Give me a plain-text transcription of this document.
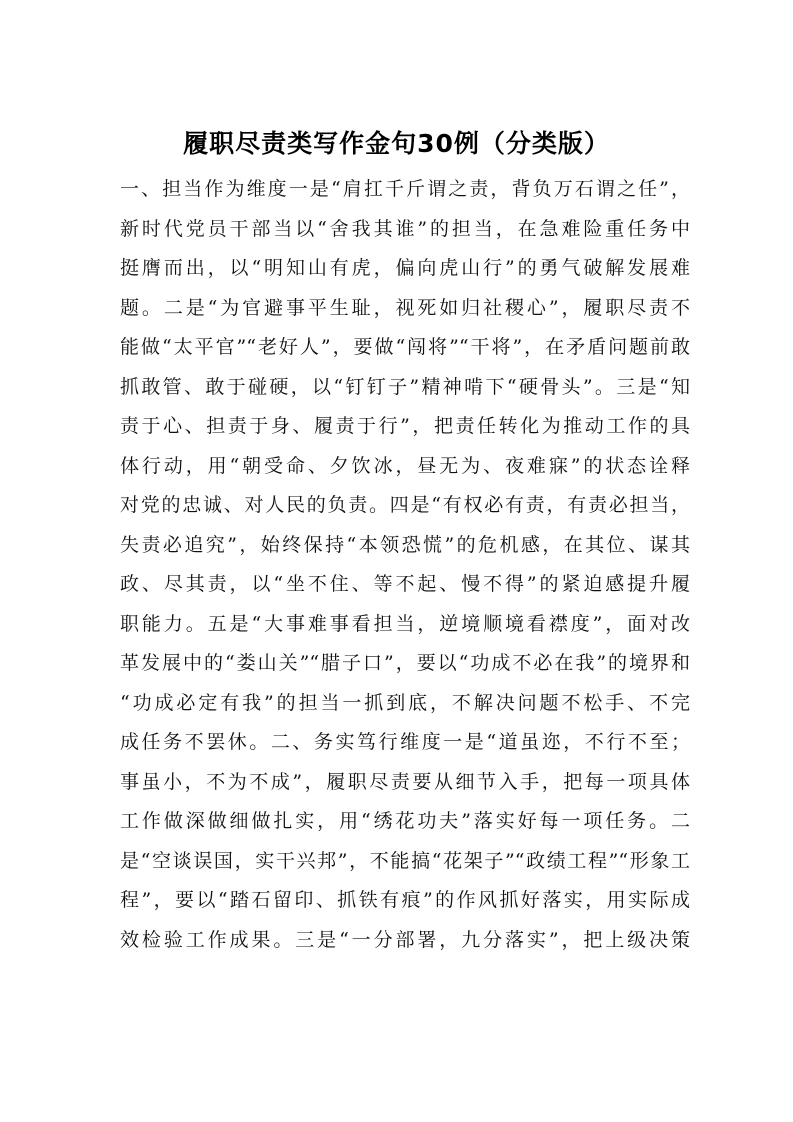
履职尽责类写作金句30例（分类版）
一、担当作为维度一是“肩扛千斤谓之责，背负万石谓之任”，
新时代党员干部当以“舍我其谁”的担当，在急难险重任务中
挺膺而出，以“明知山有虎，偏向虎山行”的勇气破解发展难
题。二是“为官避事平生耻，视死如归社稷心”，履职尽责不
能做“太平官”“老好人”，要做“闯将”“干将”，在矛盾问题前敢
抓敢管、敢于碰硬，以“钉钉子”精神啃下“硬骨头”。三是“知
责于心、担责于身、履责于行”，把责任转化为推动工作的具
体行动，用“朝受命、夕饮冰，昼无为、夜难寐”的状态诠释
对党的忠诚、对人民的负责。四是“有权必有责，有责必担当，
失责必追究”，始终保持“本领恐慌”的危机感，在其位、谋其
政、尽其责，以“坐不住、等不起、慢不得”的紧迫感提升履
职能力。五是“大事难事看担当，逆境顺境看襟度”，面对改
革发展中的“娄山关”“腊子口”，要以“功成不必在我”的境界和
“功成必定有我”的担当一抓到底，不解决问题不松手、不完
成任务不罢休。二、务实笃行维度一是“道虽迩，不行不至；
事虽小，不为不成”，履职尽责要从细节入手，把每一项具体
工作做深做细做扎实，用“绣花功夫”落实好每一项任务。二
是“空谈误国，实干兴邦”，不能搞“花架子”“政绩工程”“形象工
程”，要以“踏石留印、抓铁有痕”的作风抓好落实，用实际成
效检验工作成果。三是“一分部署，九分落实”，把上级决策
